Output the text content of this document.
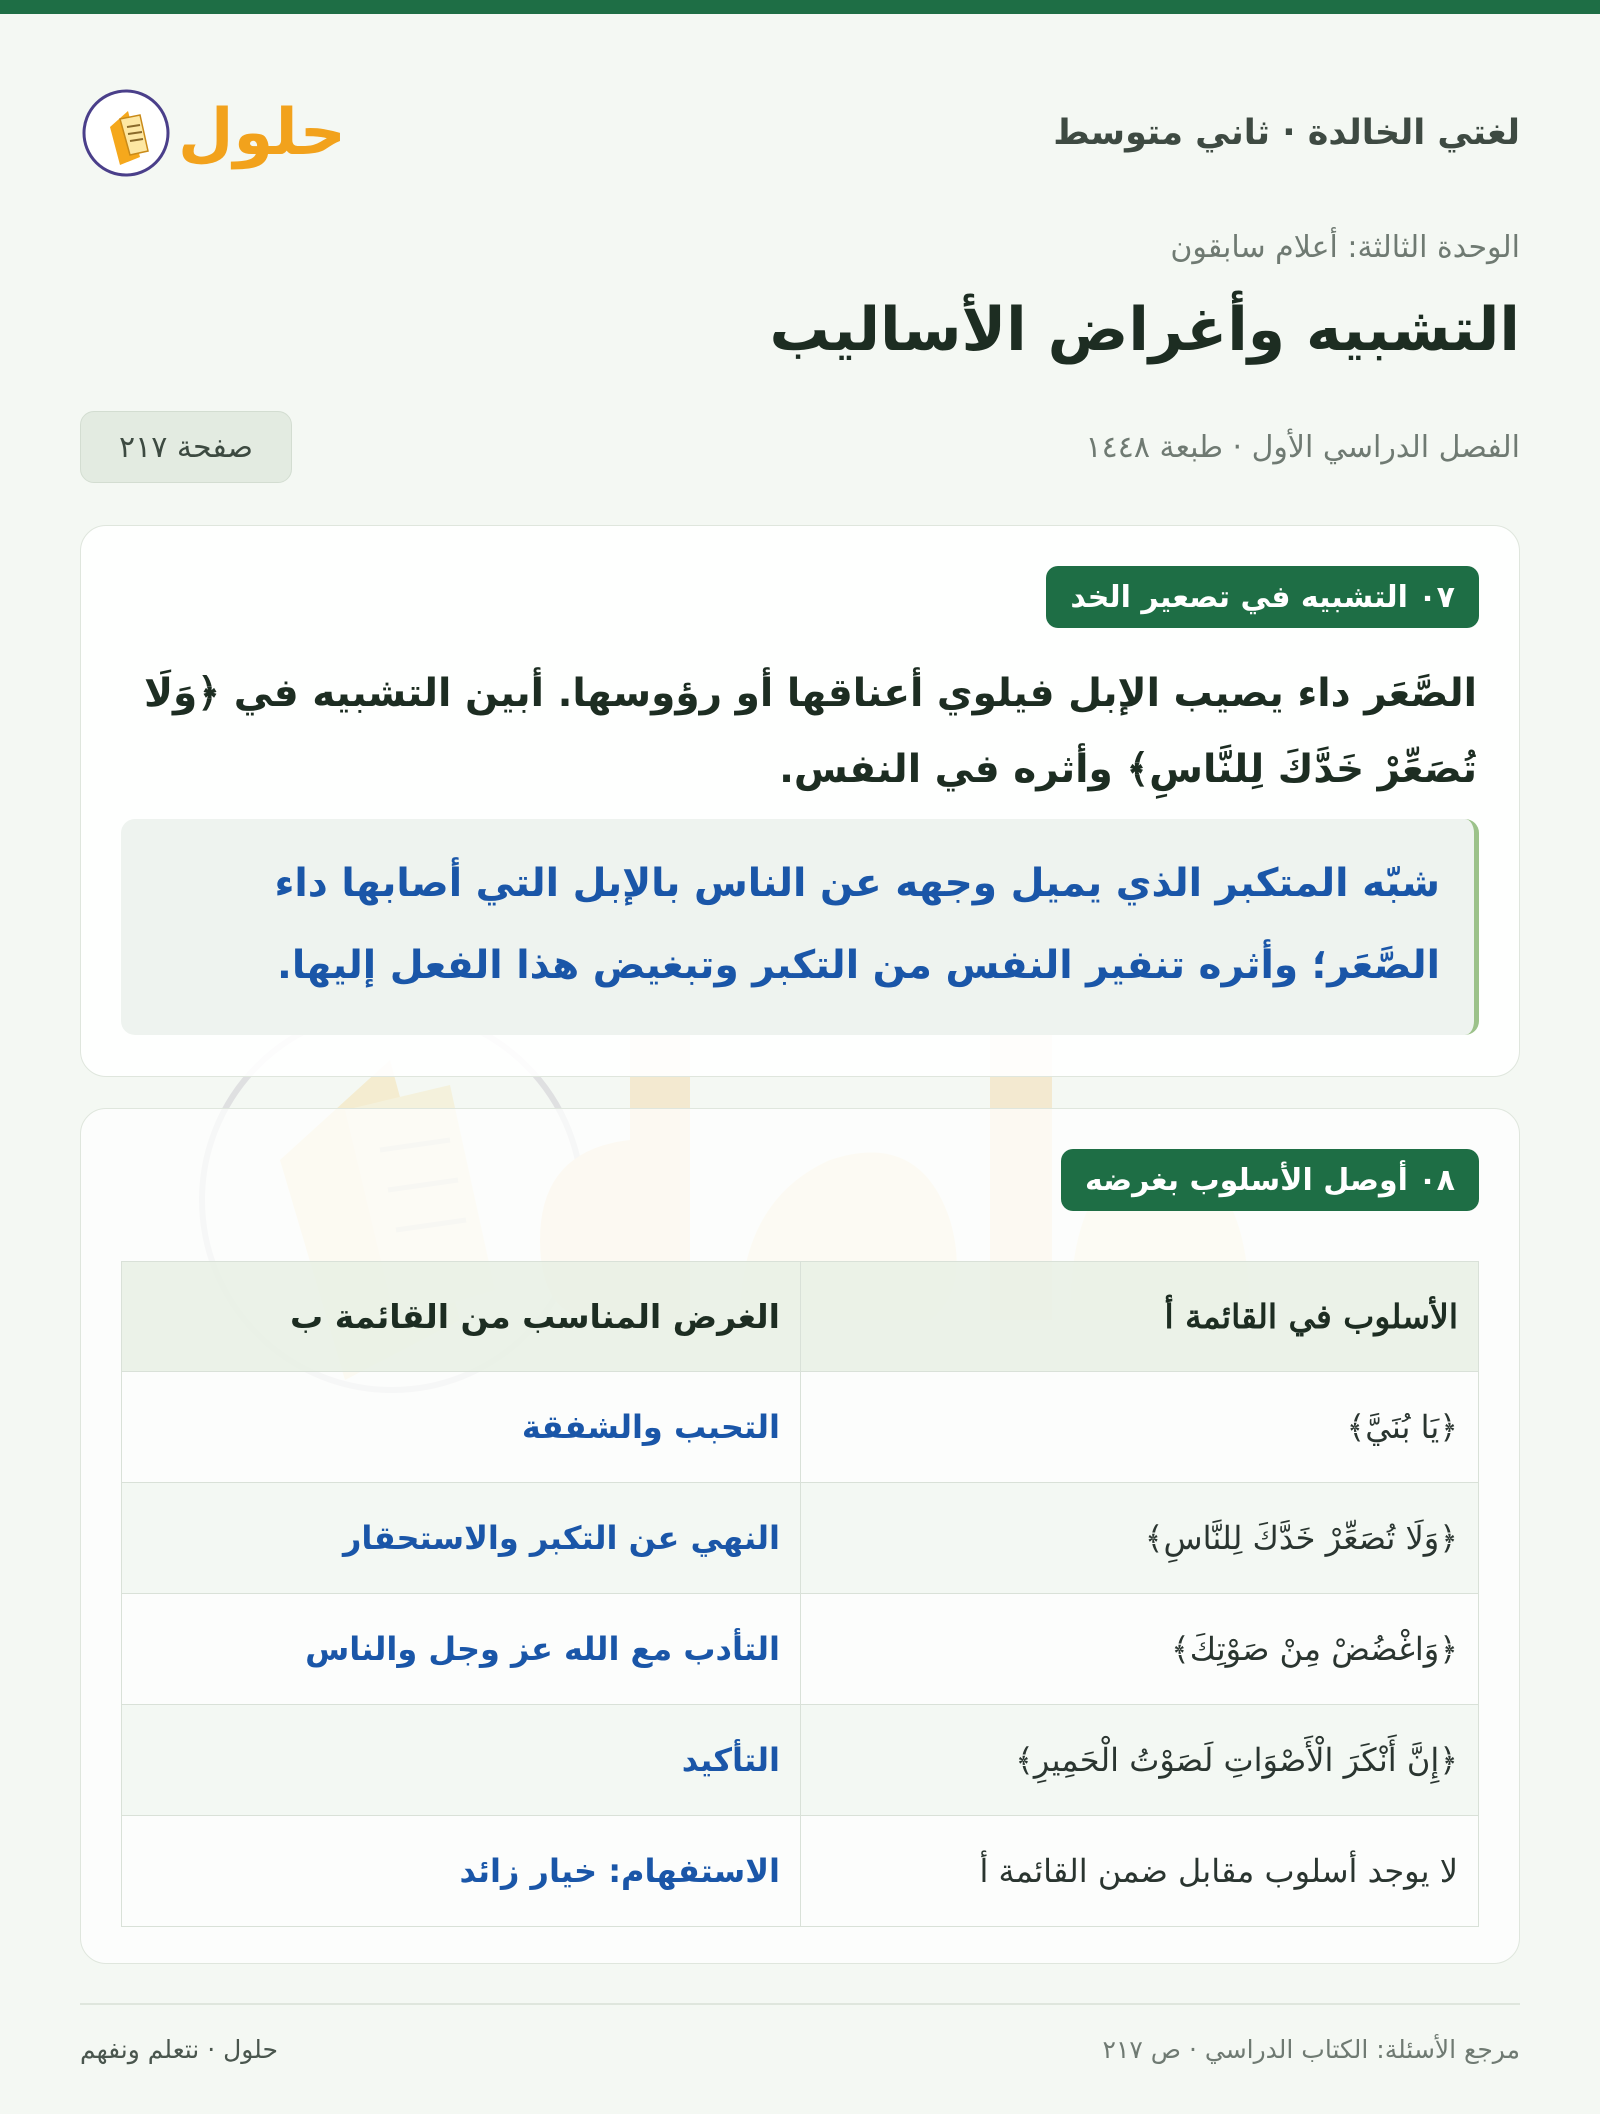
لغتي الخالدة · ثاني متوسط
حلول
الوحدة الثالثة: أعلام سابقون
التشبيه وأغراض الأساليب
الفصل الدراسي الأول · طبعة ١٤٤٨
صفحة ٢١٧
٠٧ التشبيه في تصعير الخد

الصَّعَر داء يصيب الإبل فيلوي أعناقها أو رؤوسها. أبين التشبيه في ﴿وَلَا تُصَعِّرْ خَدَّكَ لِلنَّاسِ﴾ وأثره في النفس.

شبّه المتكبر الذي يميل وجهه عن الناس بالإبل التي أصابها داء الصَّعَر؛ وأثره تنفير النفس من التكبر وتبغيض هذا الفعل إليها.

٠٨ أوصل الأسلوب بغرضه
الأسلوب في القائمة أ	الغرض المناسب من القائمة ب
﴿يَا بُنَيَّ﴾	التحبب والشفقة
﴿وَلَا تُصَعِّرْ خَدَّكَ لِلنَّاسِ﴾	النهي عن التكبر والاستحقار
﴿وَاغْضُضْ مِنْ صَوْتِكَ﴾	التأدب مع الله عز وجل والناس
﴿إِنَّ أَنْكَرَ الْأَصْوَاتِ لَصَوْتُ الْحَمِيرِ﴾	التأكيد
لا يوجد أسلوب مقابل ضمن القائمة أ	الاستفهام: خيار زائد
مرجع الأسئلة: الكتاب الدراسي · ص ٢١٧
حلول · نتعلم ونفهم
